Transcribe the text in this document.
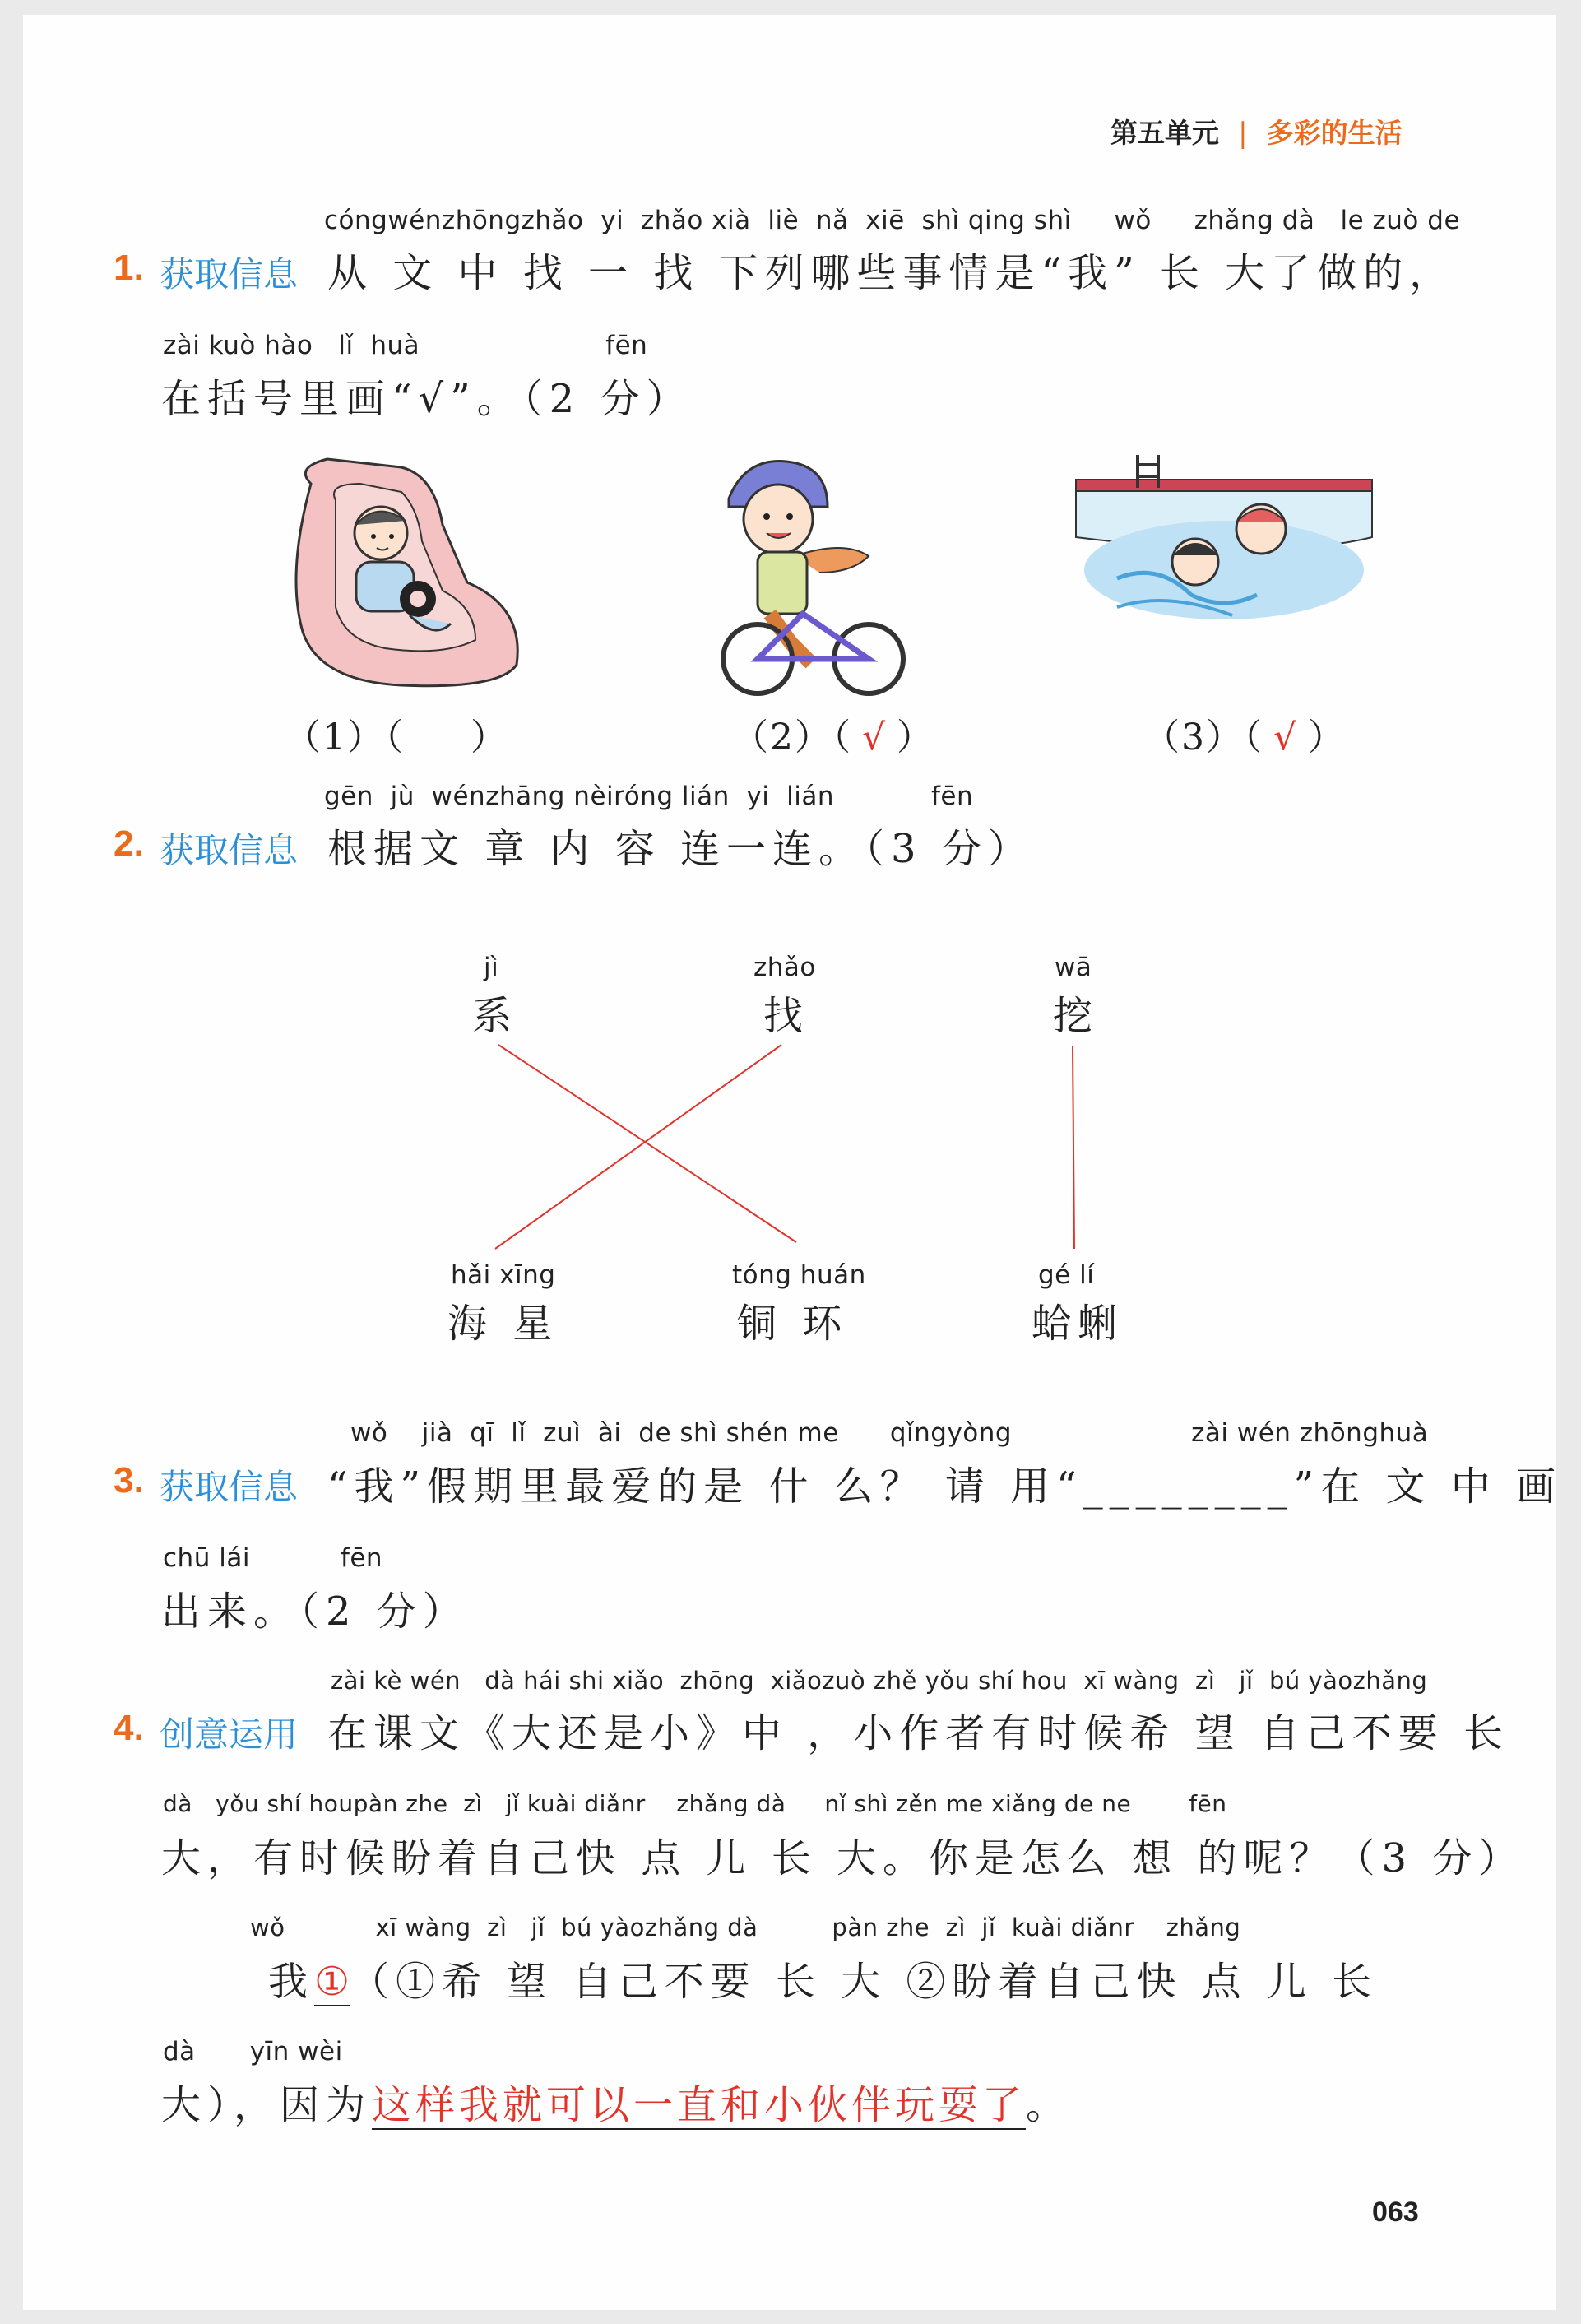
第五单元 | 多彩的生活
cóngwénzhōngzhǎo yi zhǎo xià liè nǎ xiē shì qing shì wǒ zhǎng dà le zuò de
1. 获取信息 从 文 中 找 一 找 下列哪些事情是“我” 长 大了做的，
zài kuò hào lǐ huà	fēn
在括号里画“√”。（2 分）
（1）（ ）	（2）（ √ ）	（3）（ √ ）
gēn jù wénzhāng nèiróng lián yi lián	fēn
2. 获取信息 根据文 章 内 容 连一连。（3 分）
jì
系
zhǎo
找
wā
挖
hǎi xīng
海 星
tóng huán
铜 环
gé lí
蛤蜊
wǒ jià qī lǐ zuì ài de shì shén me qǐngyòng	zài wén zhōnghuà
3. 获取信息 “我”假期里最爱的是 什 么？ 请 用“________”在 文 中 画
chū lái	fēn
出来。（2 分）
zài kè wén dà hái shi xiǎo zhōng xiǎozuò zhě yǒu shí hou xī wàng zì jǐ bú yàozhǎng
4. 创意运用 在课文《大还是小》中 ，小作者有时候希 望 自己不要 长
dà yǒu shí houpàn zhe zì jǐ kuài diǎnr zhǎng dà nǐ shì zěn me xiǎng de ne	fēn
大，有时候盼着自己快 点 儿 长 大。你是怎么 想 的呢？（3 分）
wǒ	xī wàng zì jǐ bú yàozhǎng dà	pàn zhe zì jǐ kuài diǎnr zhǎng
我①（①希 望 自己不要 长 大 ②盼着自己快 点 儿 长
dà yīn wèi
大），因为这样我就可以一直和小伙伴玩耍了。
063
